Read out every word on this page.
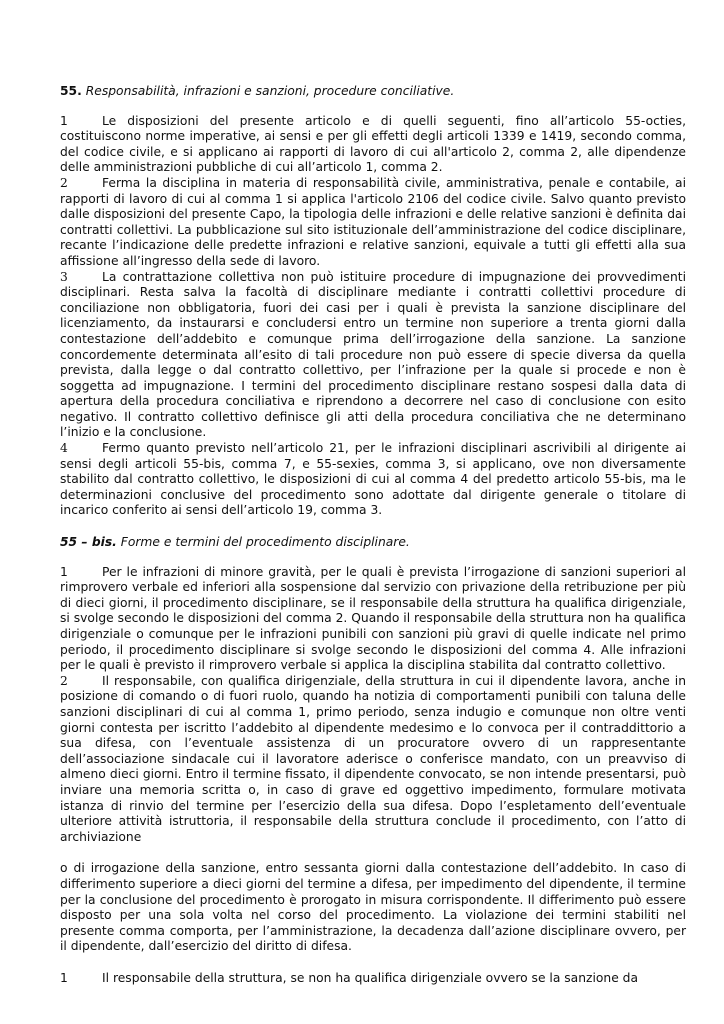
55. Responsabilità, infrazioni e sanzioni, procedure conciliative.

1	Le disposizioni del presente articolo e di quelli seguenti, fino all’articolo 55-octies, costituiscono norme imperative, ai sensi e per gli effetti degli articoli 1339 e 1419, secondo comma, del codice civile, e si applicano ai rapporti di lavoro di cui all'articolo 2, comma 2, alle dipendenze delle amministrazioni pubbliche di cui all’articolo 1, comma 2.

2	Ferma la disciplina in materia di responsabilità civile, amministrativa, penale e contabile, ai rapporti di lavoro di cui al comma 1 si applica l'articolo 2106 del codice civile. Salvo quanto previsto dalle disposizioni del presente Capo, la tipologia delle infrazioni e delle relative sanzioni è definita dai contratti collettivi. La pubblicazione sul sito istituzionale dell’amministrazione del codice disciplinare, recante l’indicazione delle predette infrazioni e relative sanzioni, equivale a tutti gli effetti alla sua affissione all’ingresso della sede di lavoro.

3	La contrattazione collettiva non può istituire procedure di impugnazione dei provvedimenti disciplinari. Resta salva la facoltà di disciplinare mediante i contratti collettivi procedure di conciliazione non obbligatoria, fuori dei casi per i quali è prevista la sanzione disciplinare del licenziamento, da instaurarsi e concludersi entro un termine non superiore a trenta giorni dalla contestazione dell’addebito e comunque prima dell’irrogazione della sanzione. La sanzione concordemente determinata all’esito di tali procedure non può essere di specie diversa da quella prevista, dalla legge o dal contratto collettivo, per l’infrazione per la quale si procede e non è soggetta ad impugnazione. I termini del procedimento disciplinare restano sospesi dalla data di apertura della procedura conciliativa e riprendono a decorrere nel caso di conclusione con esito negativo. Il contratto collettivo definisce gli atti della procedura conciliativa che ne determinano l’inizio e la conclusione.

4	Fermo quanto previsto nell’articolo 21, per le infrazioni disciplinari ascrivibili al dirigente ai sensi degli articoli 55-bis, comma 7, e 55-sexies, comma 3, si applicano, ove non diversamente stabilito dal contratto collettivo, le disposizioni di cui al comma 4 del predetto articolo 55-bis, ma le determinazioni conclusive del procedimento sono adottate dal dirigente generale o titolare di incarico conferito ai sensi dell’articolo 19, comma 3.

55 – bis. Forme e termini del procedimento disciplinare.

1	Per le infrazioni di minore gravità, per le quali è prevista l’irrogazione di sanzioni superiori al rimprovero verbale ed inferiori alla sospensione dal servizio con privazione della retribuzione per più di dieci giorni, il procedimento disciplinare, se il responsabile della struttura ha qualifica dirigenziale, si svolge secondo le disposizioni del comma 2. Quando il responsabile della struttura non ha qualifica dirigenziale o comunque per le infrazioni punibili con sanzioni più gravi di quelle indicate nel primo periodo, il procedimento disciplinare si svolge secondo le disposizioni del comma 4. Alle infrazioni per le quali è previsto il rimprovero verbale si applica la disciplina stabilita dal contratto collettivo.

2	Il responsabile, con qualifica dirigenziale, della struttura in cui il dipendente lavora, anche in posizione di comando o di fuori ruolo, quando ha notizia di comportamenti punibili con taluna delle sanzioni disciplinari di cui al comma 1, primo periodo, senza indugio e comunque non oltre venti giorni contesta per iscritto l’addebito al dipendente medesimo e lo convoca per il contraddittorio a sua difesa, con l’eventuale assistenza di un procuratore ovvero di un rappresentante dell’associazione sindacale cui il lavoratore aderisce o conferisce mandato, con un preavviso di almeno dieci giorni. Entro il termine fissato, il dipendente convocato, se non intende presentarsi, può inviare una memoria scritta o, in caso di grave ed oggettivo impedimento, formulare motivata istanza di rinvio del termine per l’esercizio della sua difesa. Dopo l’espletamento dell’eventuale ulteriore attività istruttoria, il responsabile della struttura conclude il procedimento, con l’atto di archiviazione

o di irrogazione della sanzione, entro sessanta giorni dalla contestazione dell’addebito. In caso di differimento superiore a dieci giorni del termine a difesa, per impedimento del dipendente, il termine per la conclusione del procedimento è prorogato in misura corrispondente. Il differimento può essere disposto per una sola volta nel corso del procedimento. La violazione dei termini stabiliti nel presente comma comporta, per l’amministrazione, la decadenza dall’azione disciplinare ovvero, per il dipendente, dall’esercizio del diritto di difesa.

1	Il responsabile della struttura, se non ha qualifica dirigenziale ovvero se la sanzione da
